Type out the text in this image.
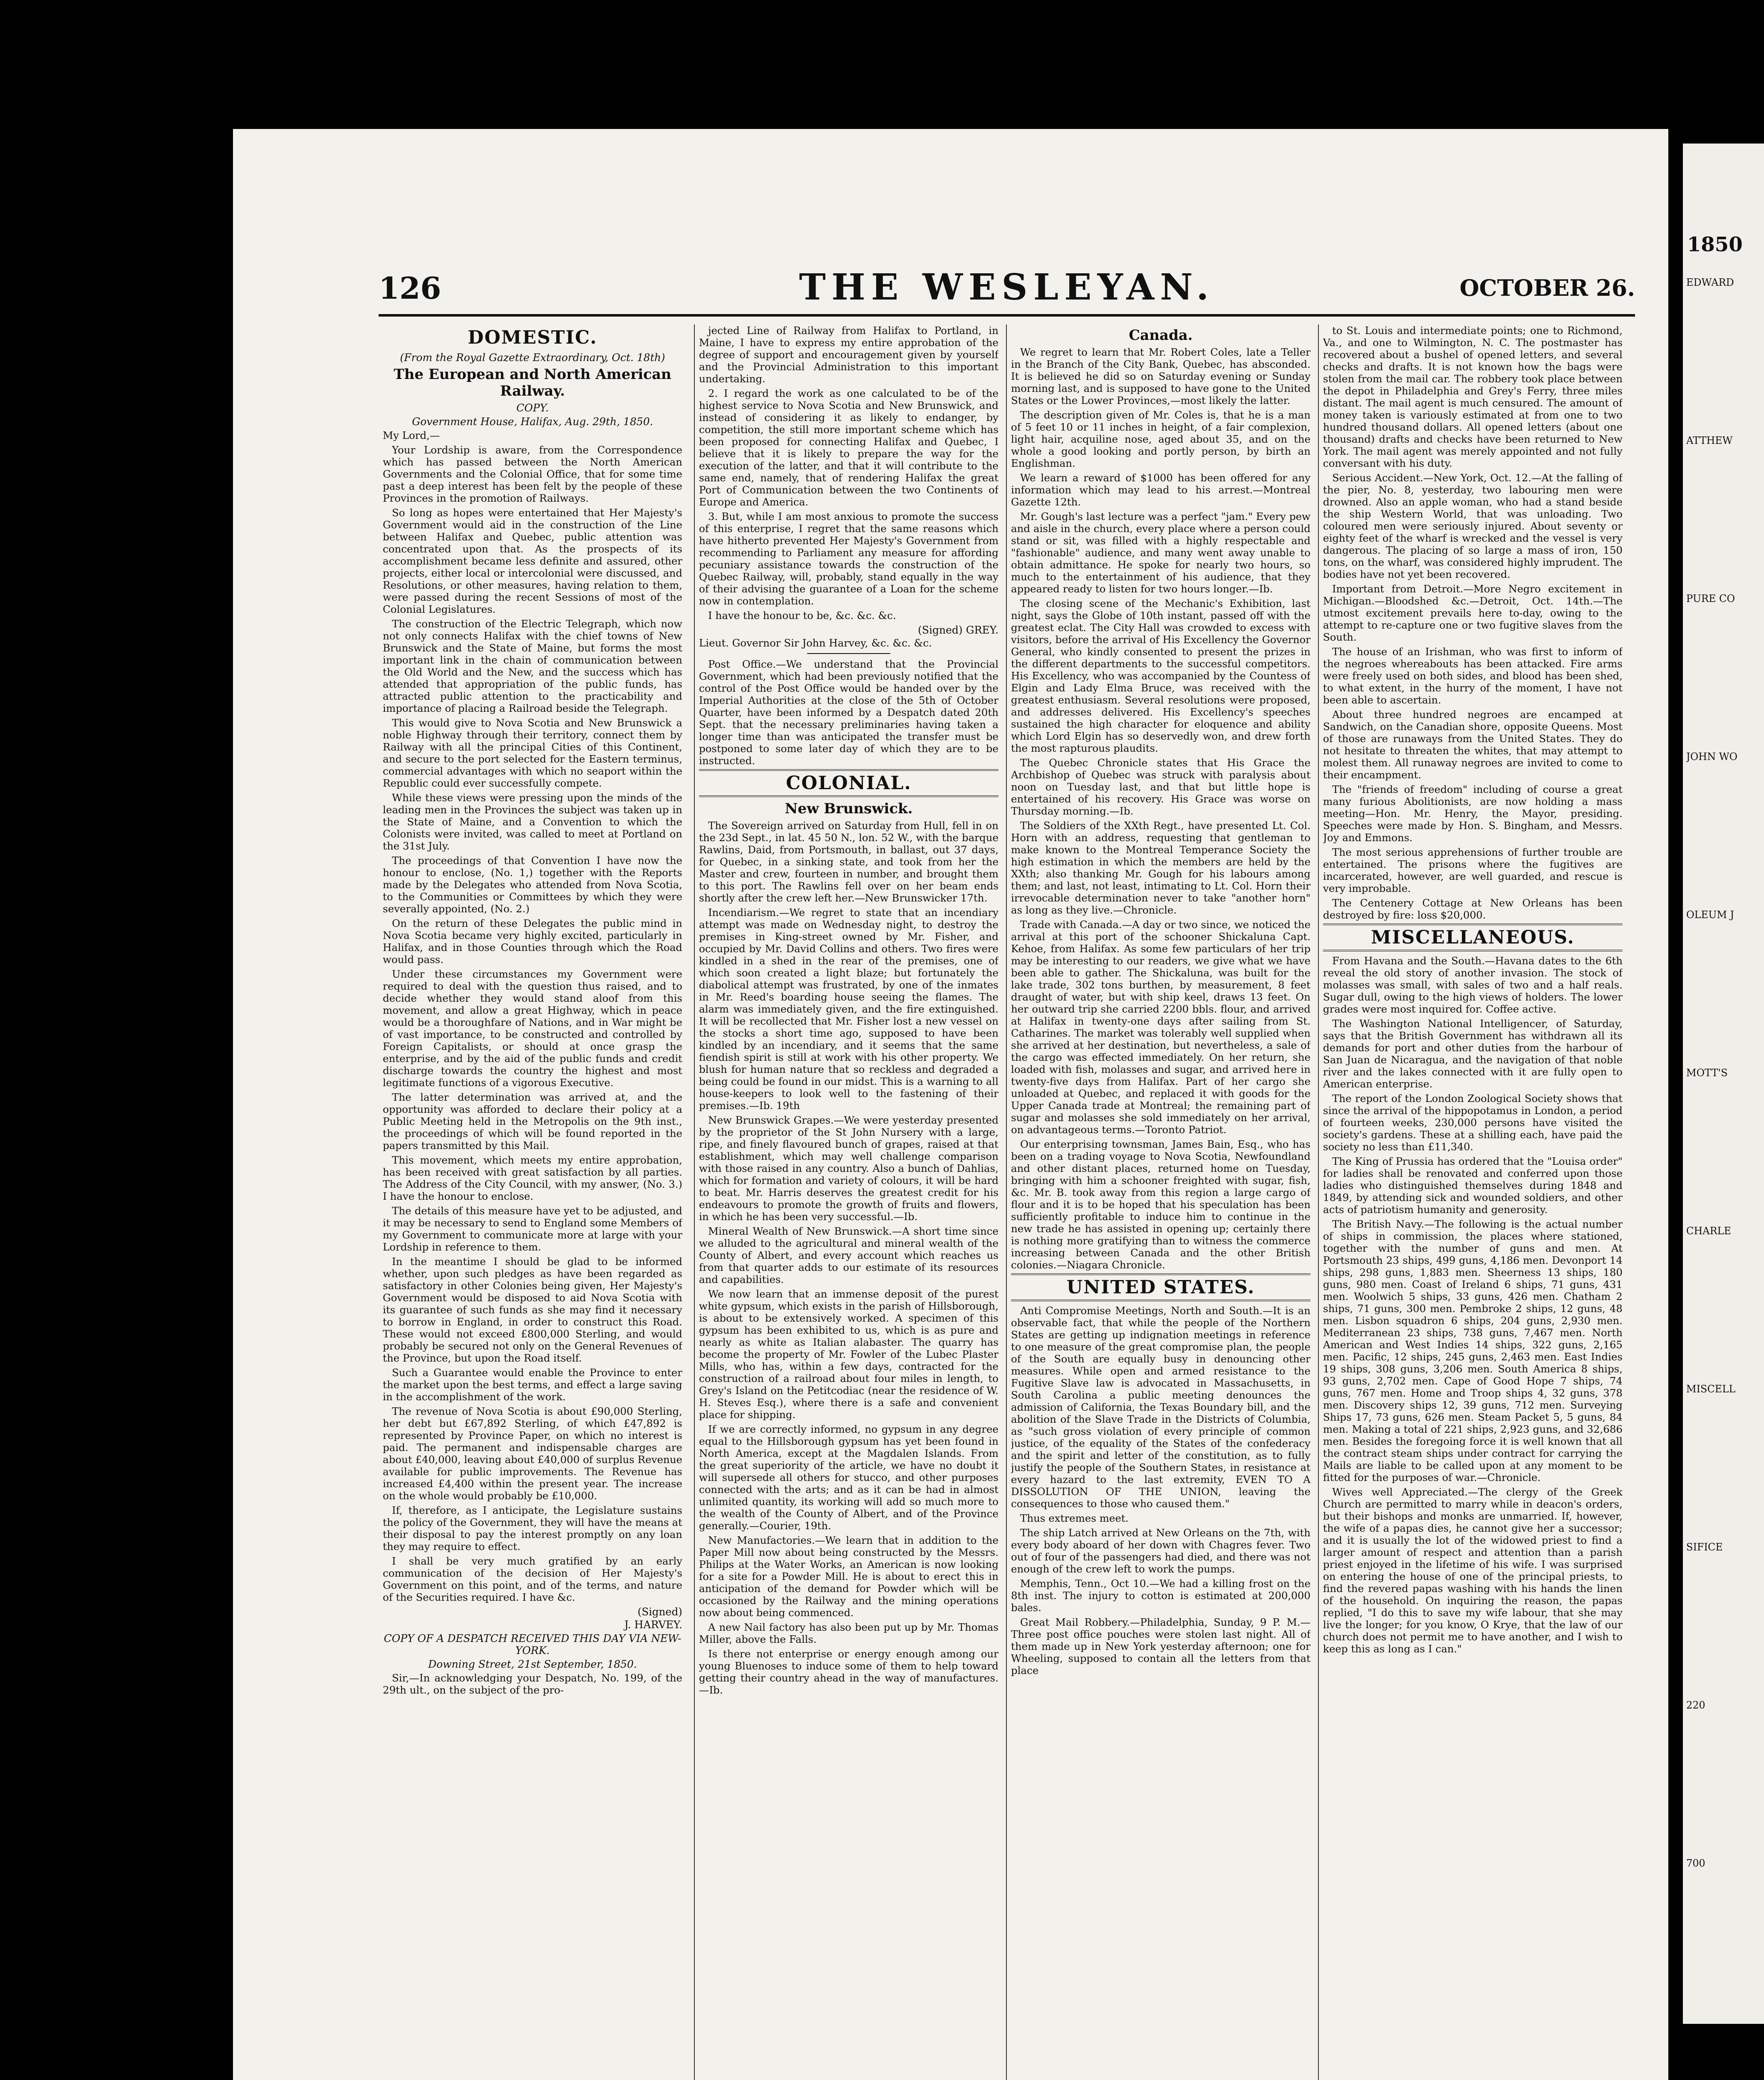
126	THE WESLEYAN.	OCTOBER 26.
DOMESTIC.
(From the Royal Gazette Extraordinary, Oct. 18th)
The European and North American Railway.
COPY.
Government House, Halifax, Aug. 29th, 1850.

My Lord,—

Your Lordship is aware, from the Correspondence which has passed between the North American Governments and the Colonial Office, that for some time past a deep interest has been felt by the people of these Provinces in the promotion of Railways.

So long as hopes were entertained that Her Majesty's Government would aid in the construction of the Line between Halifax and Quebec, public attention was concentrated upon that. As the prospects of its accomplishment became less definite and assured, other projects, either local or intercolonial were discussed, and Resolutions, or other measures, having relation to them, were passed during the recent Sessions of most of the Colonial Legislatures.

The construction of the Electric Telegraph, which now not only connects Halifax with the chief towns of New Brunswick and the State of Maine, but forms the most important link in the chain of communication between the Old World and the New, and the success which has attended that appropriation of the public funds, has attracted public attention to the practicability and importance of placing a Railroad beside the Telegraph.

This would give to Nova Scotia and New Brunswick a noble Highway through their territory, connect them by Railway with all the principal Cities of this Continent, and secure to the port selected for the Eastern terminus, commercial advantages with which no seaport within the Republic could ever successfully compete.

While these views were pressing upon the minds of the leading men in the Provinces the subject was taken up in the State of Maine, and a Convention to which the Colonists were invited, was called to meet at Portland on the 31st July.

The proceedings of that Convention I have now the honour to enclose, (No. 1,) together with the Reports made by the Delegates who attended from Nova Scotia, to the Communities or Committees by which they were severally appointed, (No. 2.)

On the return of these Delegates the public mind in Nova Scotia became very highly excited, particularly in Halifax, and in those Counties through which the Road would pass.

Under these circumstances my Government were required to deal with the question thus raised, and to decide whether they would stand aloof from this movement, and allow a great Highway, which in peace would be a thoroughfare of Nations, and in War might be of vast importance, to be constructed and controlled by Foreign Capitalists, or should at once grasp the enterprise, and by the aid of the public funds and credit discharge towards the country the highest and most legitimate functions of a vigorous Executive.

The latter determination was arrived at, and the opportunity was afforded to declare their policy at a Public Meeting held in the Metropolis on the 9th inst., the proceedings of which will be found reported in the papers transmitted by this Mail.

This movement, which meets my entire approbation, has been received with great satisfaction by all parties. The Address of the City Council, with my answer, (No. 3.) I have the honour to enclose.

The details of this measure have yet to be adjusted, and it may be necessary to send to England some Members of my Government to communicate more at large with your Lordship in reference to them.

In the meantime I should be glad to be informed whether, upon such pledges as have been regarded as satisfactory in other Colonies being given, Her Majesty's Government would be disposed to aid Nova Scotia with its guarantee of such funds as she may find it necessary to borrow in England, in order to construct this Road. These would not exceed £800,000 Sterling, and would probably be secured not only on the General Revenues of the Province, but upon the Road itself.

Such a Guarantee would enable the Province to enter the market upon the best terms, and effect a large saving in the accomplishment of the work.

The revenue of Nova Scotia is about £90,000 Sterling, her debt but £67,892 Sterling, of which £47,892 is represented by Province Paper, on which no interest is paid. The permanent and indispensable charges are about £40,000, leaving about £40,000 of surplus Revenue available for public improvements. The Revenue has increased £4,400 within the present year. The increase on the whole would probably be £10,000.

If, therefore, as I anticipate, the Legislature sustains the policy of the Government, they will have the means at their disposal to pay the interest promptly on any loan they may require to effect.

I shall be very much gratified by an early communication of the decision of Her Majesty's Government on this point, and of the terms, and nature of the Securities required. I have &c.

(Signed)
J. HARVEY.
COPY OF A DESPATCH RECEIVED THIS DAY VIA NEW-YORK.
Downing Street, 21st September, 1850.

Sir,—In acknowledging your Despatch, No. 199, of the 29th ult., on the subject of the pro-

jected Line of Railway from Halifax to Portland, in Maine, I have to express my entire approbation of the degree of support and encouragement given by yourself and the Provincial Administration to this important undertaking.

2. I regard the work as one calculated to be of the highest service to Nova Scotia and New Brunswick, and instead of considering it as likely to endanger, by competition, the still more important scheme which has been proposed for connecting Halifax and Quebec, I believe that it is likely to prepare the way for the execution of the latter, and that it will contribute to the same end, namely, that of rendering Halifax the great Port of Communication between the two Continents of Europe and America.

3. But, while I am most anxious to promote the success of this enterprise, I regret that the same reasons which have hitherto prevented Her Majesty's Government from recommending to Parliament any measure for affording pecuniary assistance towards the construction of the Quebec Railway, will, probably, stand equally in the way of their advising the guarantee of a Loan for the scheme now in contemplation.

I have the honour to be, &c. &c. &c.

(Signed) GREY.

Lieut. Governor Sir John Harvey, &c. &c. &c.

Post Office.—We understand that the Provincial Government, which had been previously notified that the control of the Post Office would be handed over by the Imperial Authorities at the close of the 5th of October Quarter, have been informed by a Despatch dated 20th Sept. that the necessary preliminaries having taken a longer time than was anticipated the transfer must be postponed to some later day of which they are to be instructed.

COLONIAL.
New Brunswick.

The Sovereign arrived on Saturday from Hull, fell in on the 23d Sept., in lat. 45 50 N., lon. 52 W., with the barque Rawlins, Daid, from Portsmouth, in ballast, out 37 days, for Quebec, in a sinking state, and took from her the Master and crew, fourteen in number, and brought them to this port. The Rawlins fell over on her beam ends shortly after the crew left her.—New Brunswicker 17th.

Incendiarism.—We regret to state that an incendiary attempt was made on Wednesday night, to destroy the premises in King-street owned by Mr. Fisher, and occupied by Mr. David Collins and others. Two fires were kindled in a shed in the rear of the premises, one of which soon created a light blaze; but fortunately the diabolical attempt was frustrated, by one of the inmates in Mr. Reed's boarding house seeing the flames. The alarm was immediately given, and the fire extinguished. It will be recollected that Mr. Fisher lost a new vessel on the stocks a short time ago, supposed to have been kindled by an incendiary, and it seems that the same fiendish spirit is still at work with his other property. We blush for human nature that so reckless and degraded a being could be found in our midst. This is a warning to all house-keepers to look well to the fastening of their premises.—Ib. 19th

New Brunswick Grapes.—We were yesterday presented by the proprietor of the St John Nursery with a large, ripe, and finely flavoured bunch of grapes, raised at that establishment, which may well challenge comparison with those raised in any country. Also a bunch of Dahlias, which for formation and variety of colours, it will be hard to beat. Mr. Harris deserves the greatest credit for his endeavours to promote the growth of fruits and flowers, in which he has been very successful.—Ib.

Mineral Wealth of New Brunswick.—A short time since we alluded to the agricultural and mineral wealth of the County of Albert, and every account which reaches us from that quarter adds to our estimate of its resources and capabilities.

We now learn that an immense deposit of the purest white gypsum, which exists in the parish of Hillsborough, is about to be extensively worked. A specimen of this gypsum has been exhibited to us, which is as pure and nearly as white as Italian alabaster. The quarry has become the property of Mr. Fowler of the Lubec Plaster Mills, who has, within a few days, contracted for the construction of a railroad about four miles in length, to Grey's Island on the Petitcodiac (near the residence of W. H. Steves Esq.), where there is a safe and convenient place for shipping.

If we are correctly informed, no gypsum in any degree equal to the Hillsborough gypsum has yet been found in North America, except at the Magdalen Islands. From the great superiority of the article, we have no doubt it will supersede all others for stucco, and other purposes connected with the arts; and as it can be had in almost unlimited quantity, its working will add so much more to the wealth of the County of Albert, and of the Province generally.—Courier, 19th.

New Manufactories.—We learn that in addition to the Paper Mill now about being constructed by the Messrs. Philips at the Water Works, an American is now looking for a site for a Powder Mill. He is about to erect this in anticipation of the demand for Powder which will be occasioned by the Railway and the mining operations now about being commenced.

A new Nail factory has also been put up by Mr. Thomas Miller, above the Falls.

Is there not enterprise or energy enough among our young Bluenoses to induce some of them to help toward getting their country ahead in the way of manufactures.—Ib.

Canada.

We regret to learn that Mr. Robert Coles, late a Teller in the Branch of the City Bank, Quebec, has absconded. It is believed he did so on Saturday evening or Sunday morning last, and is supposed to have gone to the United States or the Lower Provinces,—most likely the latter.

The description given of Mr. Coles is, that he is a man of 5 feet 10 or 11 inches in height, of a fair complexion, light hair, acquiline nose, aged about 35, and on the whole a good looking and portly person, by birth an Englishman.

We learn a reward of $1000 has been offered for any information which may lead to his arrest.—Montreal Gazette 12th.

Mr. Gough's last lecture was a perfect "jam." Every pew and aisle in the church, every place where a person could stand or sit, was filled with a highly respectable and "fashionable" audience, and many went away unable to obtain admittance. He spoke for nearly two hours, so much to the entertainment of his audience, that they appeared ready to listen for two hours longer.—Ib.

The closing scene of the Mechanic's Exhibition, last night, says the Globe of 10th instant, passed off with the greatest eclat. The City Hall was crowded to excess with visitors, before the arrival of His Excellency the Governor General, who kindly consented to present the prizes in the different departments to the successful competitors. His Excellency, who was accompanied by the Countess of Elgin and Lady Elma Bruce, was received with the greatest enthusiasm. Several resolutions were proposed, and addresses delivered. His Excellency's speeches sustained the high character for eloquence and ability which Lord Elgin has so deservedly won, and drew forth the most rapturous plaudits.

The Quebec Chronicle states that His Grace the Archbishop of Quebec was struck with paralysis about noon on Tuesday last, and that but little hope is entertained of his recovery. His Grace was worse on Thursday morning.—Ib.

The Soldiers of the XXth Regt., have presented Lt. Col. Horn with an address, requesting that gentleman to make known to the Montreal Temperance Society the high estimation in which the members are held by the XXth; also thanking Mr. Gough for his labours among them; and last, not least, intimating to Lt. Col. Horn their irrevocable determination never to take "another horn" as long as they live.—Chronicle.

Trade with Canada.—A day or two since, we noticed the arrival at this port of the schooner Shickaluna Capt. Kehoe, from Halifax. As some few particulars of her trip may be interesting to our readers, we give what we have been able to gather. The Shickaluna, was built for the lake trade, 302 tons burthen, by measurement, 8 feet draught of water, but with ship keel, draws 13 feet. On her outward trip she carried 2200 bbls. flour, and arrived at Halifax in twenty-one days after sailing from St. Catharines. The market was tolerably well supplied when she arrived at her destination, but nevertheless, a sale of the cargo was effected immediately. On her return, she loaded with fish, molasses and sugar, and arrived here in twenty-five days from Halifax. Part of her cargo she unloaded at Quebec, and replaced it with goods for the Upper Canada trade at Montreal; the remaining part of sugar and molasses she sold immediately on her arrival, on advantageous terms.—Toronto Patriot.

Our enterprising townsman, James Bain, Esq., who has been on a trading voyage to Nova Scotia, Newfoundland and other distant places, returned home on Tuesday, bringing with him a schooner freighted with sugar, fish, &c. Mr. B. took away from this region a large cargo of flour and it is to be hoped that his speculation has been sufficiently profitable to induce him to continue in the new trade he has assisted in opening up; certainly there is nothing more gratifying than to witness the commerce increasing between Canada and the other British colonies.—Niagara Chronicle.

UNITED STATES.

Anti Compromise Meetings, North and South.—It is an observable fact, that while the people of the Northern States are getting up indignation meetings in reference to one measure of the great compromise plan, the people of the South are equally busy in denouncing other measures. While open and armed resistance to the Fugitive Slave law is advocated in Massachusetts, in South Carolina a public meeting denounces the admission of California, the Texas Boundary bill, and the abolition of the Slave Trade in the Districts of Columbia, as "such gross violation of every principle of common justice, of the equality of the States of the confederacy and the spirit and letter of the constitution, as to fully justify the people of the Southern States, in resistance at every hazard to the last extremity, EVEN TO A DISSOLUTION OF THE UNION, leaving the consequences to those who caused them."

Thus extremes meet.

The ship Latch arrived at New Orleans on the 7th, with every body aboard of her down with Chagres fever. Two out of four of the passengers had died, and there was not enough of the crew left to work the pumps.

Memphis, Tenn., Oct 10.—We had a killing frost on the 8th inst. The injury to cotton is estimated at 200,000 bales.

Great Mail Robbery.—Philadelphia, Sunday, 9 P. M.—Three post office pouches were stolen last night. All of them made up in New York yesterday afternoon; one for Wheeling, supposed to contain all the letters from that place

to St. Louis and intermediate points; one to Richmond, Va., and one to Wilmington, N. C. The postmaster has recovered about a bushel of opened letters, and several checks and drafts. It is not known how the bags were stolen from the mail car. The robbery took place between the depot in Philadelphia and Grey's Ferry, three miles distant. The mail agent is much censured. The amount of money taken is variously estimated at from one to two hundred thousand dollars. All opened letters (about one thousand) drafts and checks have been returned to New York. The mail agent was merely appointed and not fully conversant with his duty.

Serious Accident.—New York, Oct. 12.—At the falling of the pier, No. 8, yesterday, two labouring men were drowned. Also an apple woman, who had a stand beside the ship Western World, that was unloading. Two coloured men were seriously injured. About seventy or eighty feet of the wharf is wrecked and the vessel is very dangerous. The placing of so large a mass of iron, 150 tons, on the wharf, was considered highly imprudent. The bodies have not yet been recovered.

Important from Detroit.—More Negro excitement in Michigan.—Bloodshed &c.—Detroit, Oct. 14th.—The utmost excitement prevails here to-day, owing to the attempt to re-capture one or two fugitive slaves from the South.

The house of an Irishman, who was first to inform of the negroes whereabouts has been attacked. Fire arms were freely used on both sides, and blood has been shed, to what extent, in the hurry of the moment, I have not been able to ascertain.

About three hundred negroes are encamped at Sandwich, on the Canadian shore, opposite Queens. Most of those are runaways from the United States. They do not hesitate to threaten the whites, that may attempt to molest them. All runaway negroes are invited to come to their encampment.

The "friends of freedom" including of course a great many furious Abolitionists, are now holding a mass meeting—Hon. Mr. Henry, the Mayor, presiding. Speeches were made by Hon. S. Bingham, and Messrs. Joy and Emmons.

The most serious apprehensions of further trouble are entertained. The prisons where the fugitives are incarcerated, however, are well guarded, and rescue is very improbable.

The Centenery Cottage at New Orleans has been destroyed by fire: loss $20,000.

MISCELLANEOUS.

From Havana and the South.—Havana dates to the 6th reveal the old story of another invasion. The stock of molasses was small, with sales of two and a half reals. Sugar dull, owing to the high views of holders. The lower grades were most inquired for. Coffee active.

The Washington National Intelligencer, of Saturday, says that the British Government has withdrawn all its demands for port and other duties from the harbour of San Juan de Nicaragua, and the navigation of that noble river and the lakes connected with it are fully open to American enterprise.

The report of the London Zoological Society shows that since the arrival of the hippopotamus in London, a period of fourteen weeks, 230,000 persons have visited the society's gardens. These at a shilling each, have paid the society no less than £11,340.

The King of Prussia has ordered that the "Louisa order" for ladies shall be renovated and conferred upon those ladies who distinguished themselves during 1848 and 1849, by attending sick and wounded soldiers, and other acts of patriotism humanity and generosity.

The British Navy.—The following is the actual number of ships in commission, the places where stationed, together with the number of guns and men. At Portsmouth 23 ships, 499 guns, 4,186 men. Devonport 14 ships, 298 guns, 1,883 men. Sheerness 13 ships, 180 guns, 980 men. Coast of Ireland 6 ships, 71 guns, 431 men. Woolwich 5 ships, 33 guns, 426 men. Chatham 2 ships, 71 guns, 300 men. Pembroke 2 ships, 12 guns, 48 men. Lisbon squadron 6 ships, 204 guns, 2,930 men. Mediterranean 23 ships, 738 guns, 7,467 men. North American and West Indies 14 ships, 322 guns, 2,165 men. Pacific, 12 ships, 245 guns, 2,463 men. East Indies 19 ships, 308 guns, 3,206 men. South America 8 ships, 93 guns, 2,702 men. Cape of Good Hope 7 ships, 74 guns, 767 men. Home and Troop ships 4, 32 guns, 378 men. Discovery ships 12, 39 guns, 712 men. Surveying Ships 17, 73 guns, 626 men. Steam Packet 5, 5 guns, 84 men. Making a total of 221 ships, 2,923 guns, and 32,686 men. Besides the foregoing force it is well known that all the contract steam ships under contract for carrying the Mails are liable to be called upon at any moment to be fitted for the purposes of war.—Chronicle.

Wives well Appreciated.—The clergy of the Greek Church are permitted to marry while in deacon's orders, but their bishops and monks are unmarried. If, however, the wife of a papas dies, he cannot give her a successor; and it is usually the lot of the widowed priest to find a larger amount of respect and attention than a parish priest enjoyed in the lifetime of his wife. I was surprised on entering the house of one of the principal priests, to find the revered papas washing with his hands the linen of the household. On inquiring the reason, the papas replied, "I do this to save my wife labour, that she may live the longer; for you know, O Krye, that the law of our church does not permit me to have another, and I wish to keep this as long as I can."

1850
EDWARD
ATTHEW
PURE CO
JOHN WO
OLEUM J
MOTT'S
CHARLE
MISCELL
SIFICE
220
700
